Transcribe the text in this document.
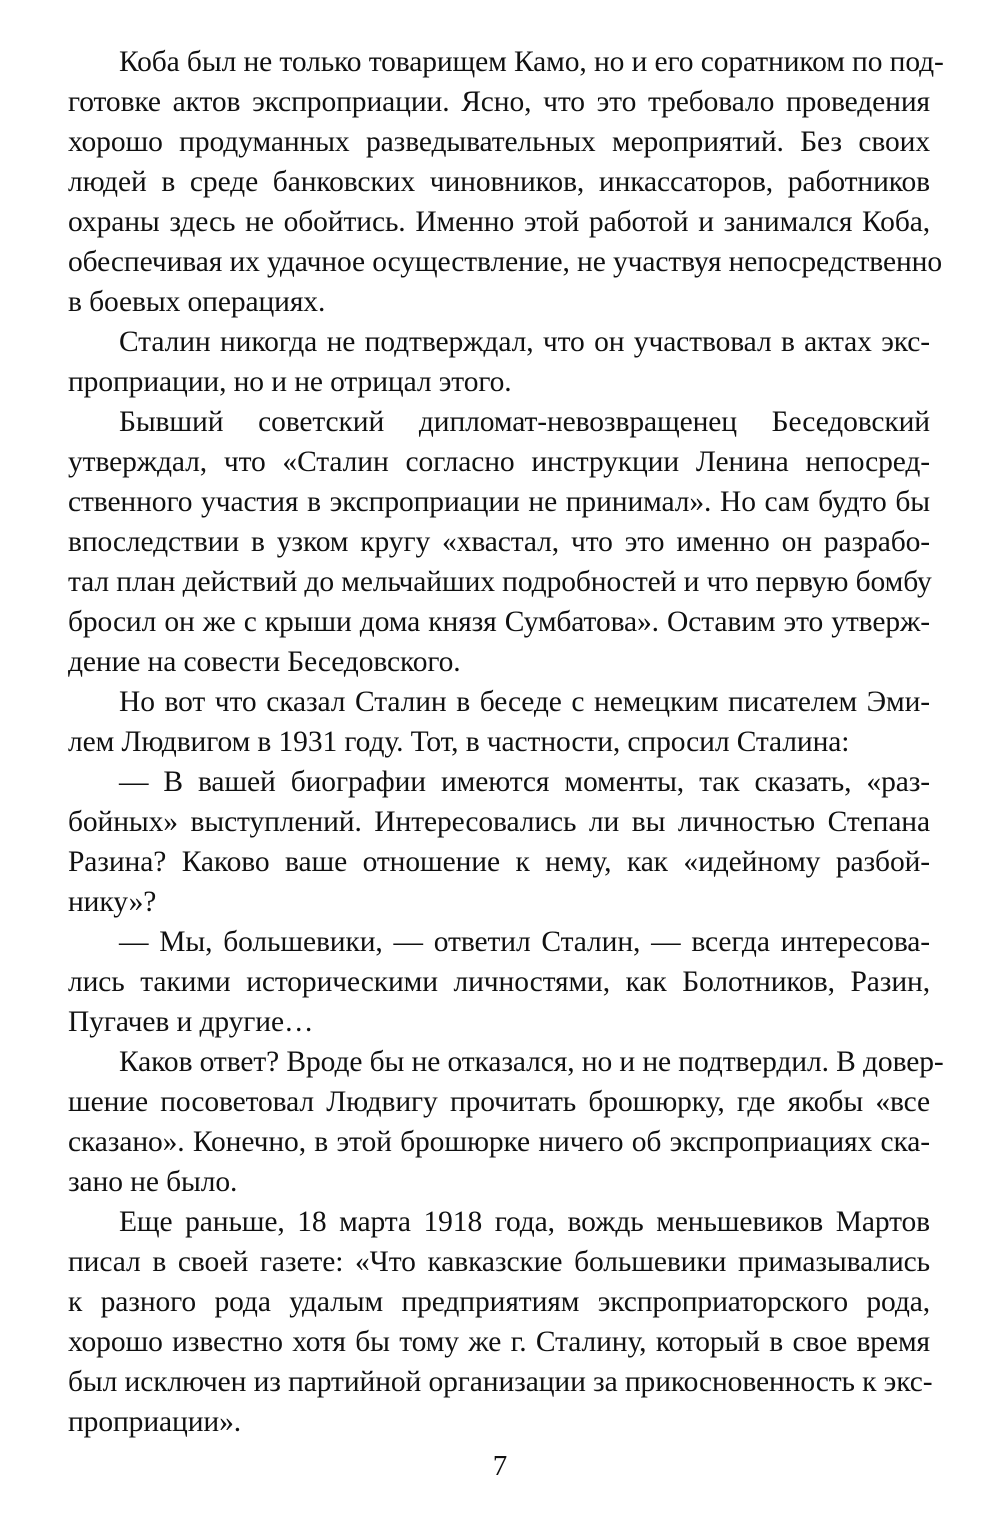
Коба был не только товарищем Камо, но и его соратником по под-
готовке актов экспроприации. Ясно, что это требовало проведения
хорошо продуманных разведывательных мероприятий. Без своих
людей в среде банковских чиновников, инкассаторов, работников
охраны здесь не обойтись. Именно этой работой и занимался Коба,
обеспечивая их удачное осуществление, не участвуя непосредственно
в боевых операциях.
Сталин никогда не подтверждал, что он участвовал в актах экс-
проприации, но и не отрицал этого.
Бывший советский дипломат-невозвращенец Беседовский
утверждал, что «Сталин согласно инструкции Ленина непосред-
ственного участия в экспроприации не принимал». Но сам будто бы
впоследствии в узком кругу «хвастал, что это именно он разрабо-
тал план действий до мельчайших подробностей и что первую бомбу
бросил он же с крыши дома князя Сумбатова». Оставим это утверж-
дение на совести Беседовского.
Но вот что сказал Сталин в беседе с немецким писателем Эми-
лем Людвигом в 1931 году. Тот, в частности, спросил Сталина:
— В вашей биографии имеются моменты, так сказать, «раз-
бойных» выступлений. Интересовались ли вы личностью Степана
Разина? Каково ваше отношение к нему, как «идейному разбой-
нику»?
— Мы, большевики, — ответил Сталин, — всегда интересова-
лись такими историческими личностями, как Болотников, Разин,
Пугачев и другие…
Каков ответ? Вроде бы не отказался, но и не подтвердил. В довер-
шение посоветовал Людвигу прочитать брошюрку, где якобы «все
сказано». Конечно, в этой брошюрке ничего об экспроприациях ска-
зано не было.
Еще раньше, 18 марта 1918 года, вождь меньшевиков Мартов
писал в своей газете: «Что кавказские большевики примазывались
к разного рода удалым предприятиям экспроприаторского рода,
хорошо известно хотя бы тому же г. Сталину, который в свое время
был исключен из партийной организации за прикосновенность к экс-
проприации».
7
